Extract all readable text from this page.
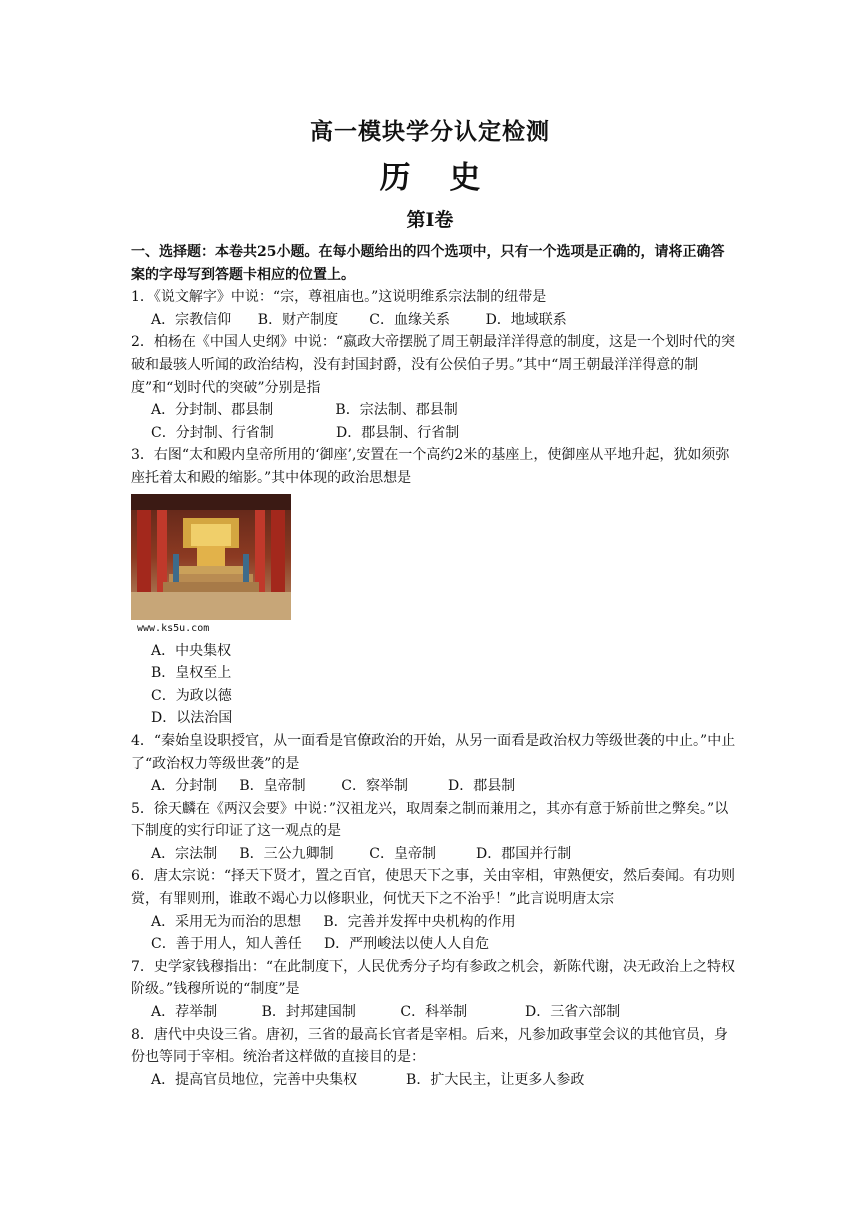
高一模块学分认定检测
历 史
第Ⅰ卷

一、选择题：本卷共25小题。在每小题给出的四个选项中，只有一个选项是正确的，请将正确答案的字母写到答题卡相应的位置上。

1．《说文解字》中说：“宗，尊祖庙也。”这说明维系宗法制的纽带是

A．宗教信仰      B．财产制度       C．血缘关系        D．地域联系

2．柏杨在《中国人史纲》中说：“嬴政大帝摆脱了周王朝最洋洋得意的制度，这是一个划时代的突破和最骇人听闻的政治结构，没有封国封爵，没有公侯伯子男。”其中“周王朝最洋洋得意的制度”和“划时代的突破”分别是指

A．分封制、郡县制              B．宗法制、郡县制

C．分封制、行省制              D．郡县制、行省制

3．右图“太和殿内皇帝所用的‘御座’,安置在一个高约2米的基座上，使御座从平地升起，犹如须弥座托着太和殿的缩影。”其中体现的政治思想是

www.ks5u.com

A．中央集权

B．皇权至上

C．为政以德

D．以法治国

4．“秦始皇设职授官，从一面看是官僚政治的开始，从另一面看是政治权力等级世袭的中止。”中止了“政治权力等级世袭”的是

A．分封制     B．皇帝制        C．察举制         D．郡县制

5．徐天麟在《两汉会要》中说：”汉祖龙兴，取周秦之制而兼用之，其亦有意于矫前世之弊矣。”以下制度的实行印证了这一观点的是

A．宗法制     B．三公九卿制        C．皇帝制         D．郡国并行制

6．唐太宗说：“择天下贤才，置之百官，使思天下之事，关由宰相，审熟便安，然后奏闻。有功则赏，有罪则刑，谁敢不竭心力以修职业，何忧天下之不治乎！”此言说明唐太宗

A．采用无为而治的思想     B．完善并发挥中央机构的作用

C．善于用人，知人善任     D．严刑峻法以使人人自危

7．史学家钱穆指出：“在此制度下，人民优秀分子均有参政之机会，新陈代谢，决无政治上之特权阶级。”钱穆所说的“制度”是

A．荐举制          B．封邦建国制          C．科举制             D．三省六部制

8．唐代中央设三省。唐初，三省的最高长官者是宰相。后来，凡参加政事堂会议的其他官员，身份也等同于宰相。统治者这样做的直接目的是：

A．提高官员地位，完善中央集权           B．扩大民主，让更多人参政
